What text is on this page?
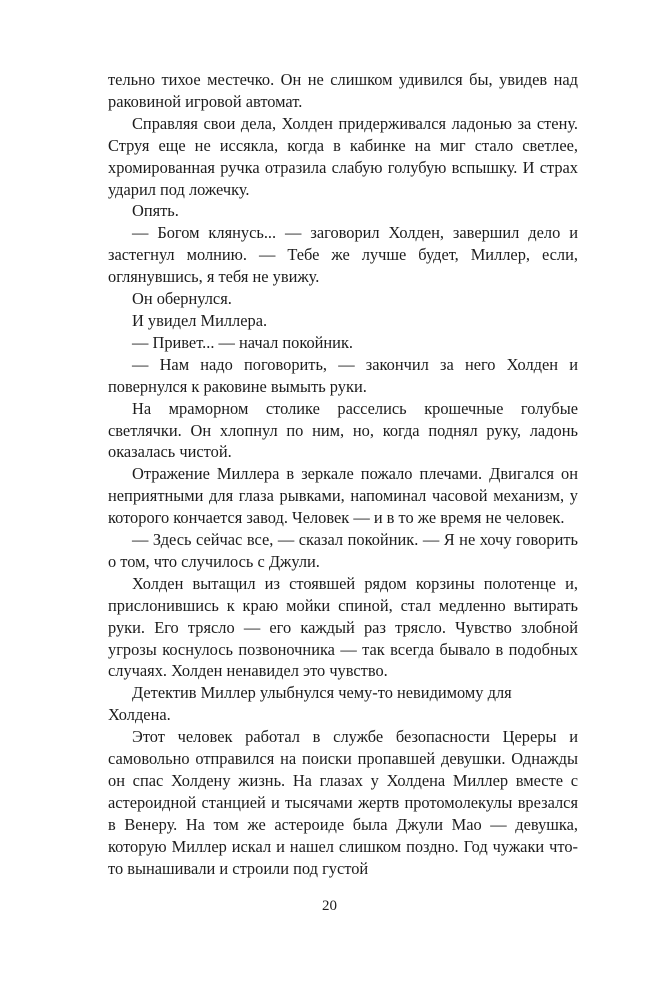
тельно тихое местечко. Он не слишком удивился бы, увидев над раковиной игровой автомат.

Справляя свои дела, Холден придерживался ладонью за стену. Струя еще не иссякла, когда в кабинке на миг стало светлее, хромированная ручка отразила слабую голубую вспышку. И страх ударил под ложечку.

Опять.

— Богом клянусь... — заговорил Холден, завершил дело и застегнул молнию. — Тебе же лучше будет, Миллер, если, оглянувшись, я тебя не увижу.

Он обернулся.

И увидел Миллера.

— Привет... — начал покойник.

— Нам надо поговорить, — закончил за него Холден и повернулся к раковине вымыть руки.

На мраморном столике расселись крошечные голубые светлячки. Он хлопнул по ним, но, когда поднял руку, ладонь оказалась чистой.

Отражение Миллера в зеркале пожало плечами. Двигался он неприятными для глаза рывками, напоминал часовой механизм, у которого кончается завод. Человек — и в то же время не человек.

— Здесь сейчас все, — сказал покойник. — Я не хочу говорить о том, что случилось с Джули.

Холден вытащил из стоявшей рядом корзины полотенце и, прислонившись к краю мойки спиной, стал медленно вытирать руки. Его трясло — его каждый раз трясло. Чувство злобной угрозы коснулось позвоночника — так всегда бывало в подобных случаях. Холден ненавидел это чувство.

Детектив Миллер улыбнулся чему-то невидимому для Холдена.

Этот человек работал в службе безопасности Цереры и самовольно отправился на поиски пропавшей девушки. Однажды он спас Холдену жизнь. На глазах у Холдена Миллер вместе с астероидной станцией и тысячами жертв протомолекулы врезался в Венеру. На том же астероиде была Джули Мао — девушка, которую Миллер искал и нашел слишком поздно. Год чужаки что-то вынашивали и строили под густой

20
